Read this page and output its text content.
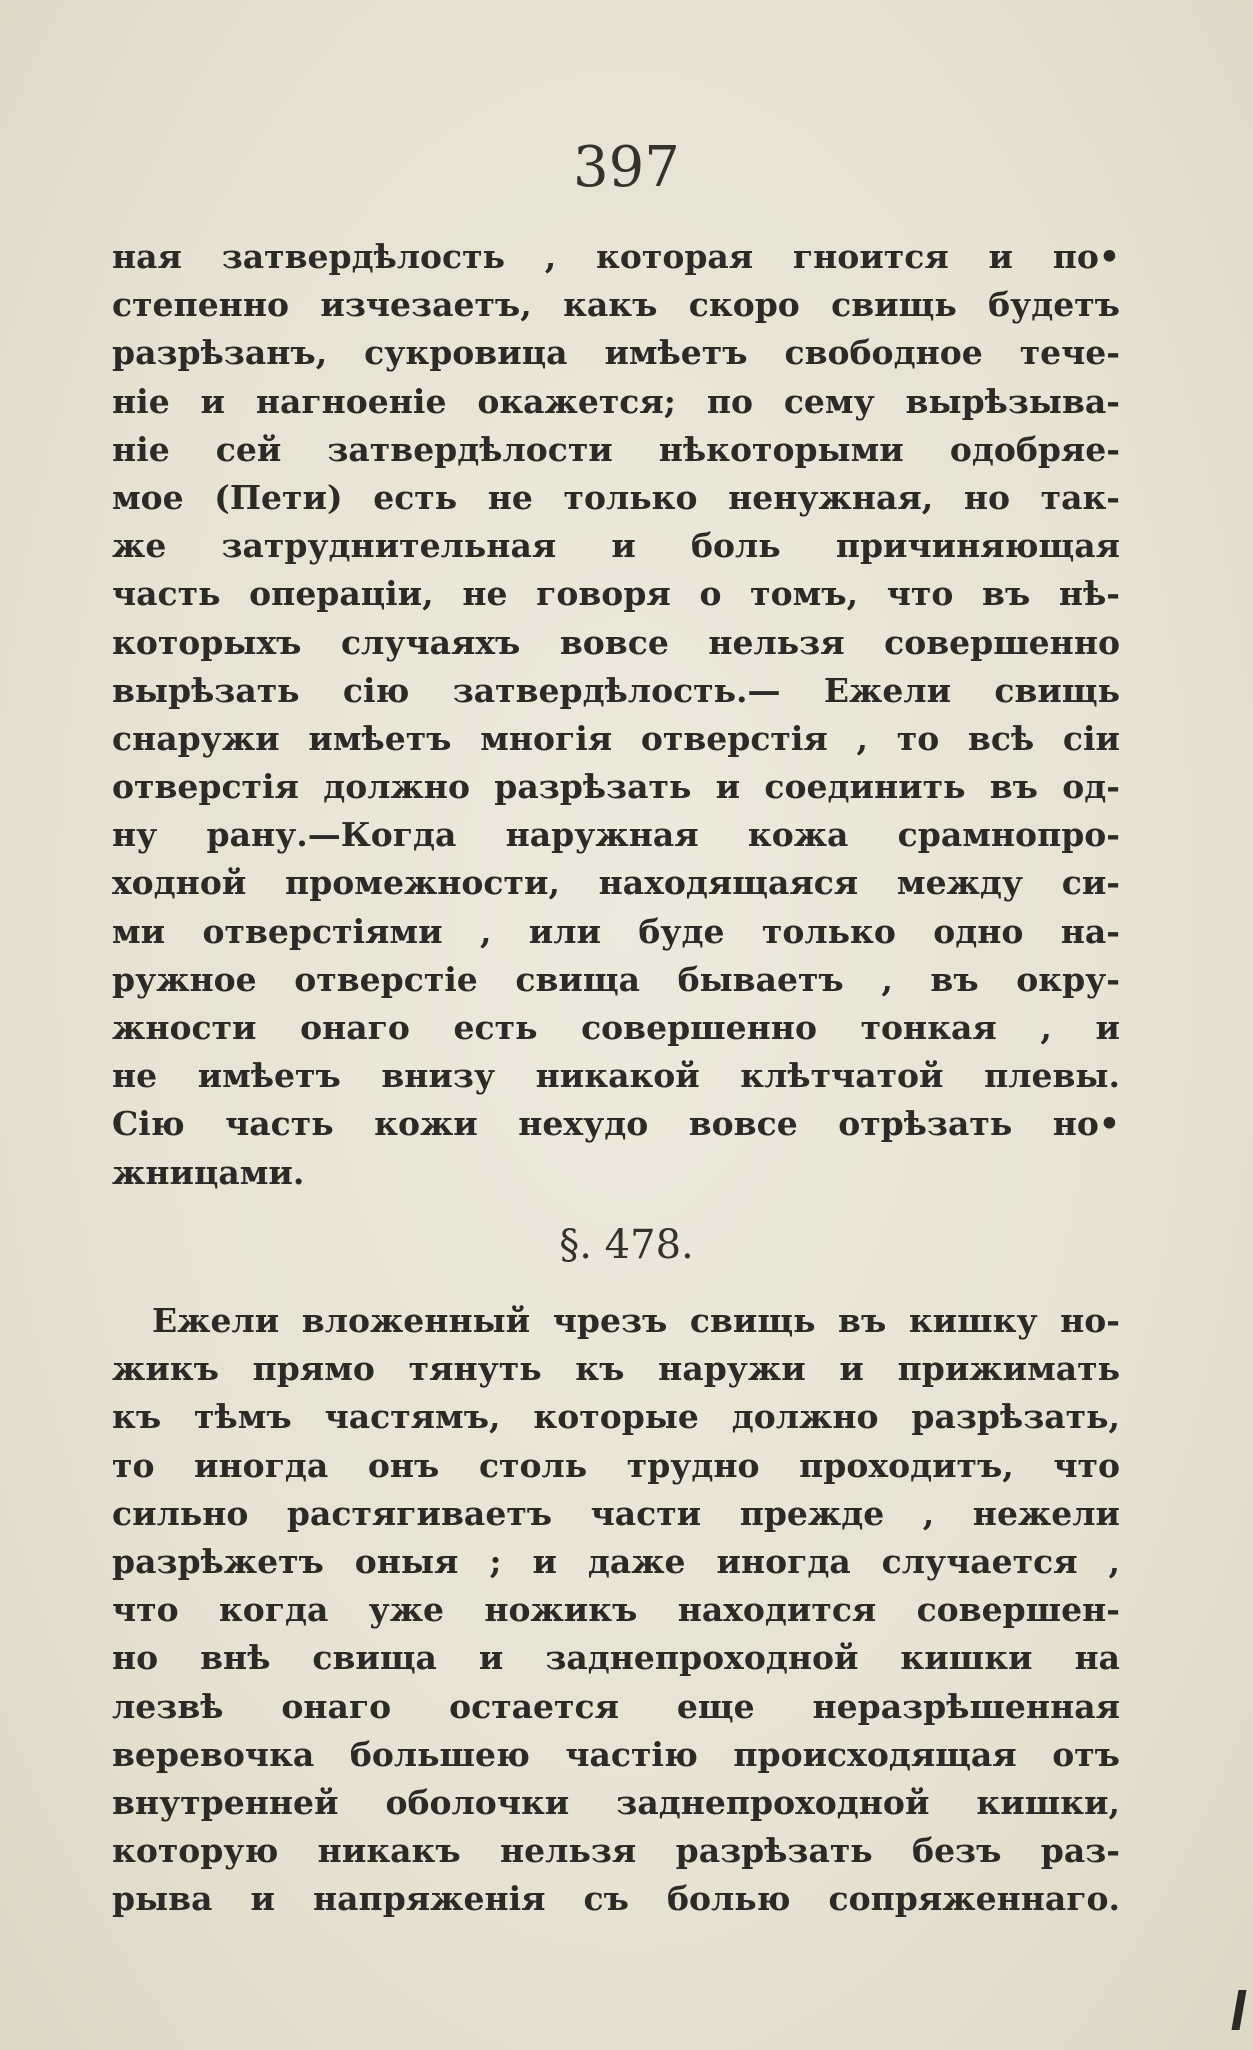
397
ная затвердѣлость , которая гноится и по•
степенно изчезаетъ, какъ скоро свищь будетъ
разрѣзанъ, сукровица имѣетъ свободное тече-
ніе и нагноеніе окажется; по сему вырѣзыва-
ніе сей затвердѣлости нѣкоторыми одобряе-
мое (Пети) есть не только ненужная, но так-
же затруднительная и боль причиняющая
часть операціи, не говоря о томъ, что въ нѣ-
которыхъ случаяхъ вовсе нельзя совершенно
вырѣзать сію затвердѣлость.— Ежели свищь
снаружи имѣетъ многія отверстія , то всѣ сіи
отверстія должно разрѣзать и соединить въ од-
ну рану.—Когда наружная кожа срамнопро-
ходной промежности, находящаяся между си-
ми отверстіями , или буде только одно на-
ружное отверстіе свища бываетъ , въ окру-
жности онаго есть совершенно тонкая , и
не имѣетъ внизу никакой клѣтчатой плевы.
Сію часть кожи нехудо вовсе отрѣзать но•
жницами.
§. 478.
Ежели вложенный чрезъ свищь въ кишку но-
жикъ прямо тянуть къ наружи и прижимать
къ тѣмъ частямъ, которые должно разрѣзать,
то иногда онъ столь трудно проходитъ, что
сильно растягиваетъ части прежде , нежели
разрѣжетъ оныя ; и даже иногда случается ,
что когда уже ножикъ находится совершен-
но внѣ свища и заднепроходной кишки на
лезвѣ онаго остается еще неразрѣшенная
веревочка большею частію происходящая отъ
внутренней оболочки заднепроходной кишки,
которую никакъ нельзя разрѣзать безъ раз-
рыва и напряженія съ болью сопряженнаго.
